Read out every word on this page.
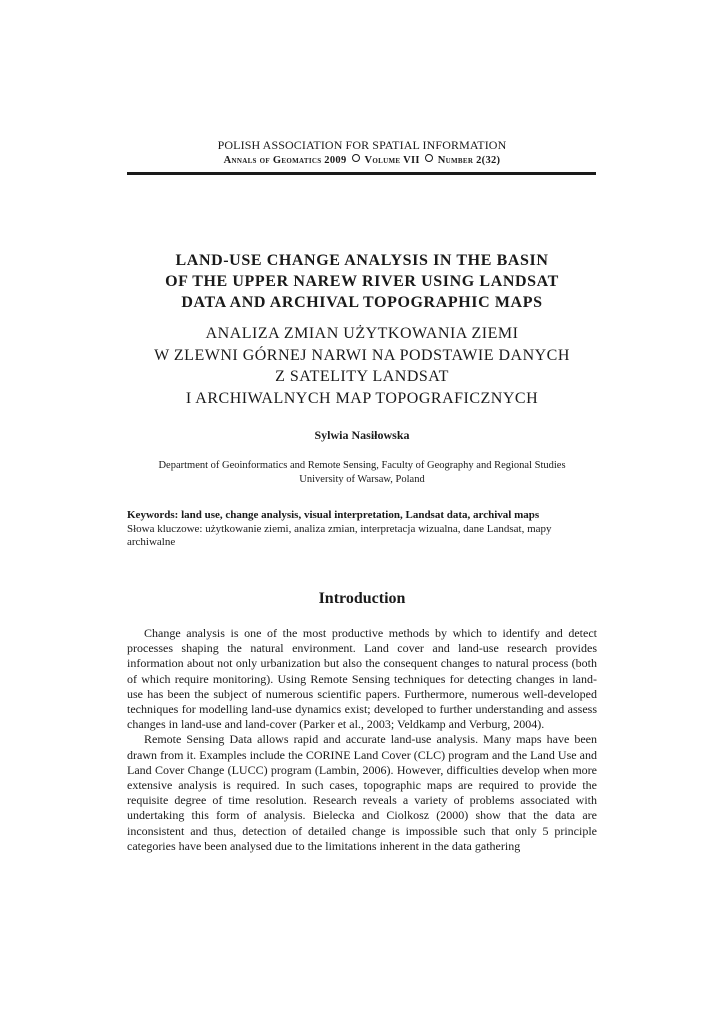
POLISH ASSOCIATION FOR SPATIAL INFORMATION
Annals of Geomatics 2009 Volume VII Number 2(32)
LAND-USE CHANGE ANALYSIS IN THE BASIN
OF THE UPPER NAREW RIVER USING LANDSAT
DATA AND ARCHIVAL TOPOGRAPHIC MAPS
ANALIZA ZMIAN UŻYTKOWANIA ZIEMI
W ZLEWNI GÓRNEJ NARWI NA PODSTAWIE DANYCH
Z SATELITY LANDSAT
I ARCHIWALNYCH MAP TOPOGRAFICZNYCH
Sylwia Nasiłowska
Department of Geoinformatics and Remote Sensing, Faculty of Geography and Regional Studies
University of Warsaw, Poland
Keywords: land use, change analysis, visual interpretation, Landsat data, archival maps
Słowa kluczowe: użytkowanie ziemi, analiza zmian, interpretacja wizualna, dane Landsat, mapy archiwalne
Introduction

Change analysis is one of the most productive methods by which to identify and detect processes shaping the natural environment. Land cover and land-use research provides information about not only urbanization but also the consequent changes to natural process (both of which require monitoring). Using Remote Sensing techniques for detecting changes in land-use has been the subject of numerous scientific papers. Furthermore, numerous well-developed techniques for modelling land-use dynamics exist; developed to further understanding and assess changes in land-use and land-cover (Parker et al., 2003; Veldkamp and Verburg, 2004).

Remote Sensing Data allows rapid and accurate land-use analysis. Many maps have been drawn from it. Examples include the CORINE Land Cover (CLC) program and the Land Use and Land Cover Change (LUCC) program (Lambin, 2006). However, difficulties develop when more extensive analysis is required. In such cases, topographic maps are required to provide the requisite degree of time resolution. Research reveals a variety of problems associated with undertaking this form of analysis. Bielecka and Ciolkosz (2000) show that the data are inconsistent and thus, detection of detailed change is impossible such that only 5 principle categories have been analysed due to the limitations inherent in the data gathering
